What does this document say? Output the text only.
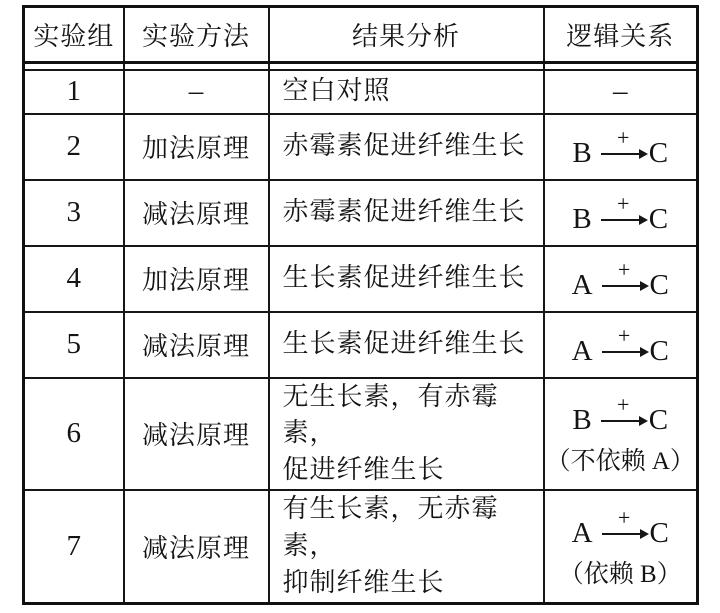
实验组	实验方法	结果分析	逻辑关系

1	–	空白对照	–
2	加法原理	赤霉素促进纤维生长	B + C

3	减法原理	赤霉素促进纤维生长	B + C

4	加法原理	生长素促进纤维生长	A + C

5	减法原理	生长素促进纤维生长	A + C

6	减法原理	无生长素，有赤霉素，
促进纤维生长	B + C
（不依赖 A）

7	减法原理	有生长素，无赤霉素，
抑制纤维生长	A + C
（依赖 B）
